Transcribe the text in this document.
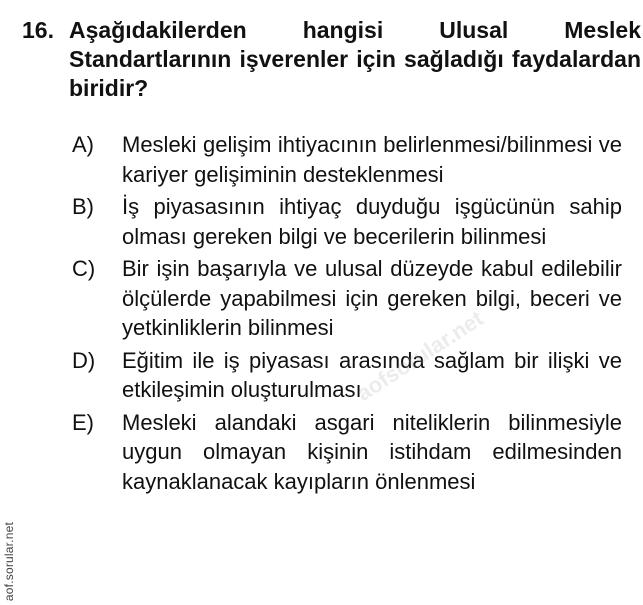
16. Aşağıdakilerden hangisi Ulusal Meslek Standartlarının işverenler için sağladığı faydalardan biridir?
A) Mesleki gelişim ihtiyacının belirlenmesi/bilinmesi ve kariyer gelişiminin desteklenmesi
B) İş piyasasının ihtiyaç duyduğu işgücünün sahip olması gereken bilgi ve becerilerin bilinmesi
C) Bir işin başarıyla ve ulusal düzeyde kabul edilebilir ölçülerde yapabilmesi için gereken bilgi, beceri ve yetkinliklerin bilinmesi
D) Eğitim ile iş piyasası arasında sağlam bir ilişki ve etkileşimin oluşturulması
E) Mesleki alandaki asgari niteliklerin bilinmesiyle uygun olmayan kişinin istihdam edilmesinden kaynaklanacak kayıpların önlenmesi
aofsorular.net
aof.sorular.net
